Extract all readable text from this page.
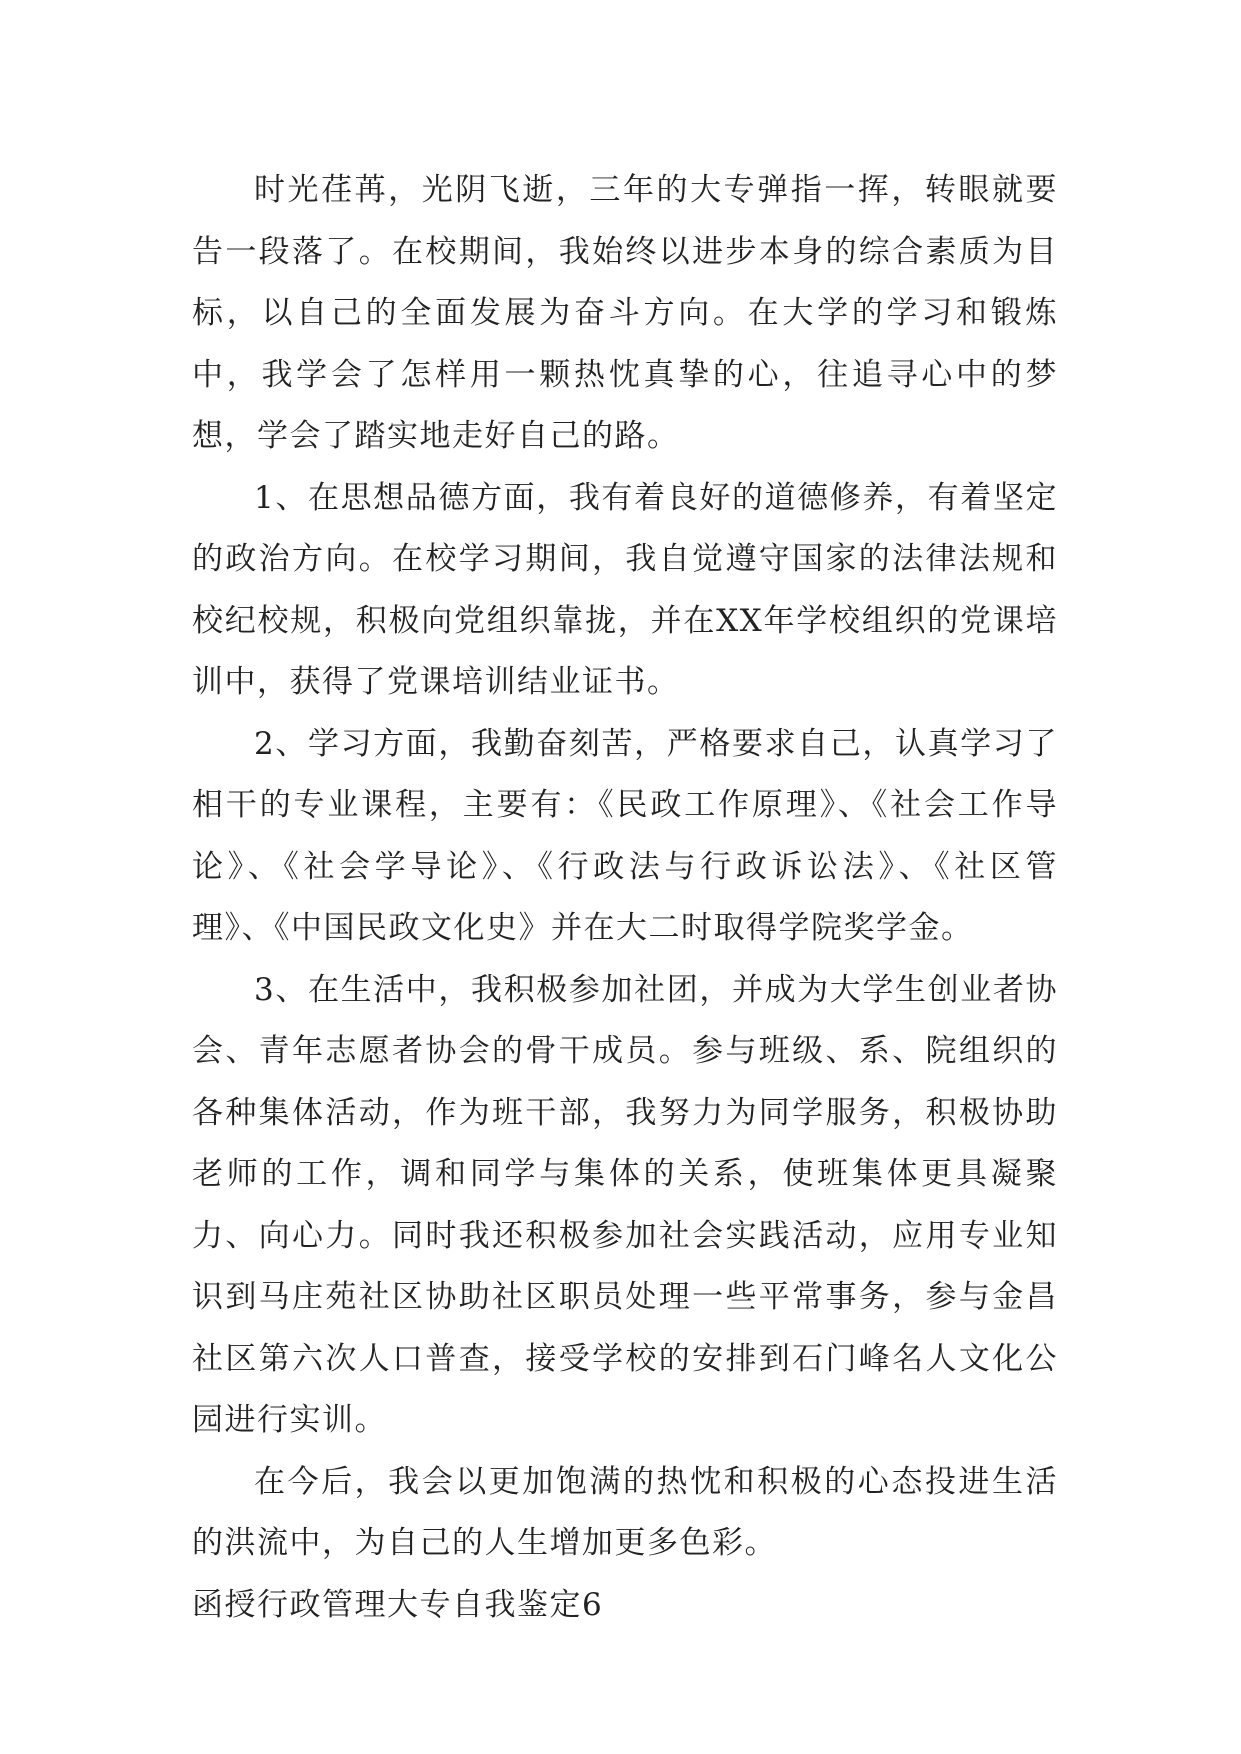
时光荏苒，光阴飞逝，三年的大专弹指一挥，转眼就要告一段落了。在校期间，我始终以进步本身的综合素质为目标，以自己的全面发展为奋斗方向。在大学的学习和锻炼中，我学会了怎样用一颗热忱真挚的心，往追寻心中的梦想，学会了踏实地走好自己的路。

1、在思想品德方面，我有着良好的道德修养，有着坚定的政治方向。在校学习期间，我自觉遵守国家的法律法规和校纪校规，积极向党组织靠拢，并在XX年学校组织的党课培训中，获得了党课培训结业证书。

2、学习方面，我勤奋刻苦，严格要求自己，认真学习了相干的专业课程，主要有：《民政工作原理》、《社会工作导论》、《社会学导论》、《行政法与行政诉讼法》、《社区管理》、《中国民政文化史》并在大二时取得学院奖学金。

3、在生活中，我积极参加社团，并成为大学生创业者协会、青年志愿者协会的骨干成员。参与班级、系、院组织的各种集体活动，作为班干部，我努力为同学服务，积极协助老师的工作，调和同学与集体的关系，使班集体更具凝聚力、向心力。同时我还积极参加社会实践活动，应用专业知识到马庄苑社区协助社区职员处理一些平常事务，参与金昌社区第六次人口普查，接受学校的安排到石门峰名人文化公园进行实训。

在今后，我会以更加饱满的热忱和积极的心态投进生活的洪流中，为自己的人生增加更多色彩。

函授行政管理大专自我鉴定6
